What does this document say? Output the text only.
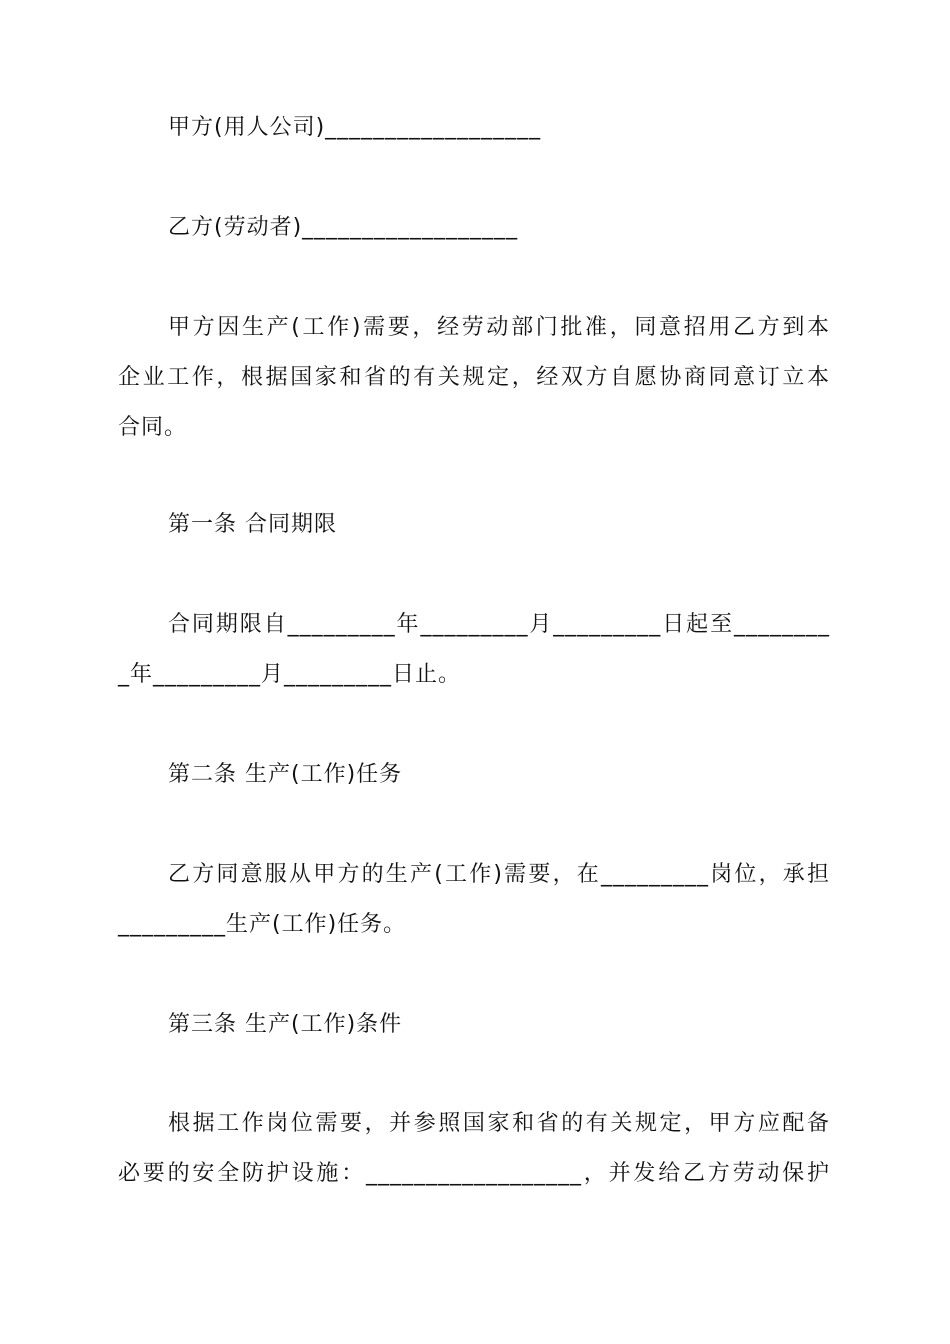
甲方(用人公司)__________________
乙方(劳动者)__________________
甲方因生产(工作)需要，经劳动部门批准，同意招用乙方到本
企业工作，根据国家和省的有关规定，经双方自愿协商同意订立本
合同。
第一条 合同期限
合同期限自_________年_________月_________日起至________
_年_________月_________日止。
第二条 生产(工作)任务
乙方同意服从甲方的生产(工作)需要，在_________岗位，承担
_________生产(工作)任务。
第三条 生产(工作)条件
根据工作岗位需要，并参照国家和省的有关规定，甲方应配备
必要的安全防护设施：__________________，并发给乙方劳动保护
